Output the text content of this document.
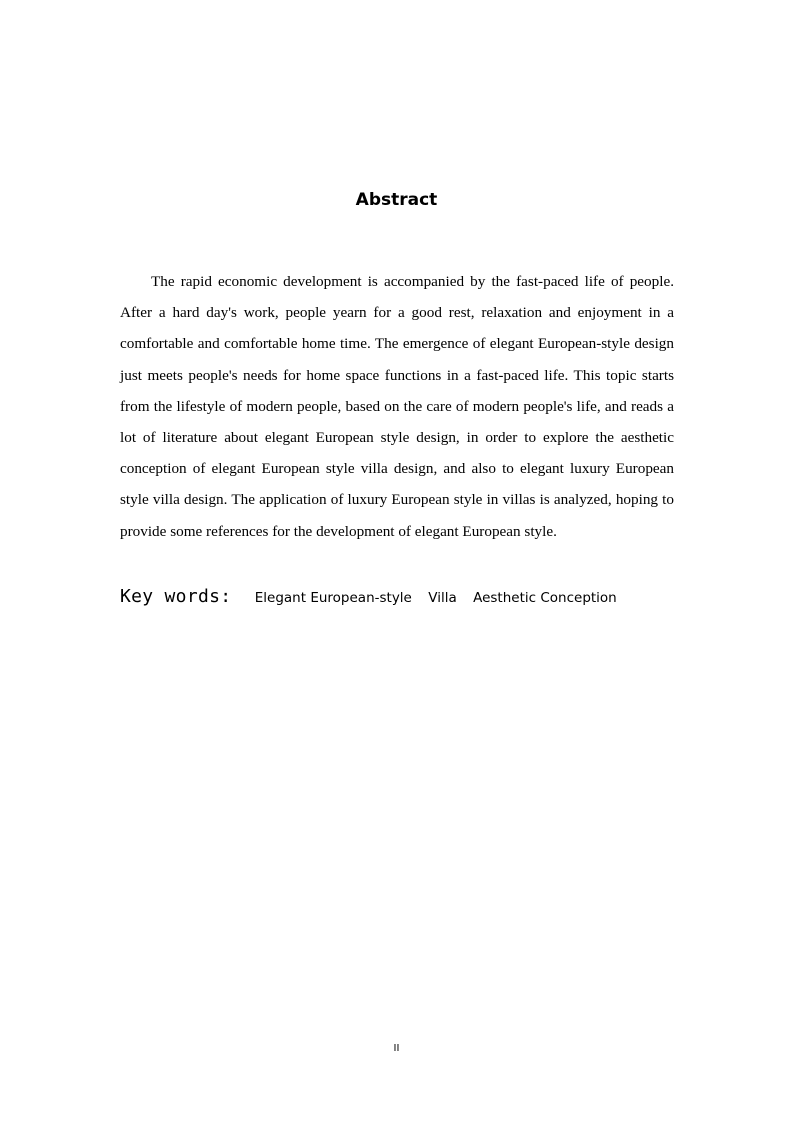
Abstract

The rapid economic development is accompanied by the fast-paced life of people. After a hard day's work, people yearn for a good rest, relaxation and enjoyment in a comfortable and comfortable home time. The emergence of elegant European-style design just meets people's needs for home space functions in a fast-paced life. This topic starts from the lifestyle of modern people, based on the care of modern people's life, and reads a lot of literature about elegant European style design, in order to explore the aesthetic conception of elegant European style villa design, and also to elegant luxury European style villa design. The application of luxury European style in villas is analyzed, hoping to provide some references for the development of elegant European style.

Key words: Elegant European-style Villa Aesthetic Conception
II
